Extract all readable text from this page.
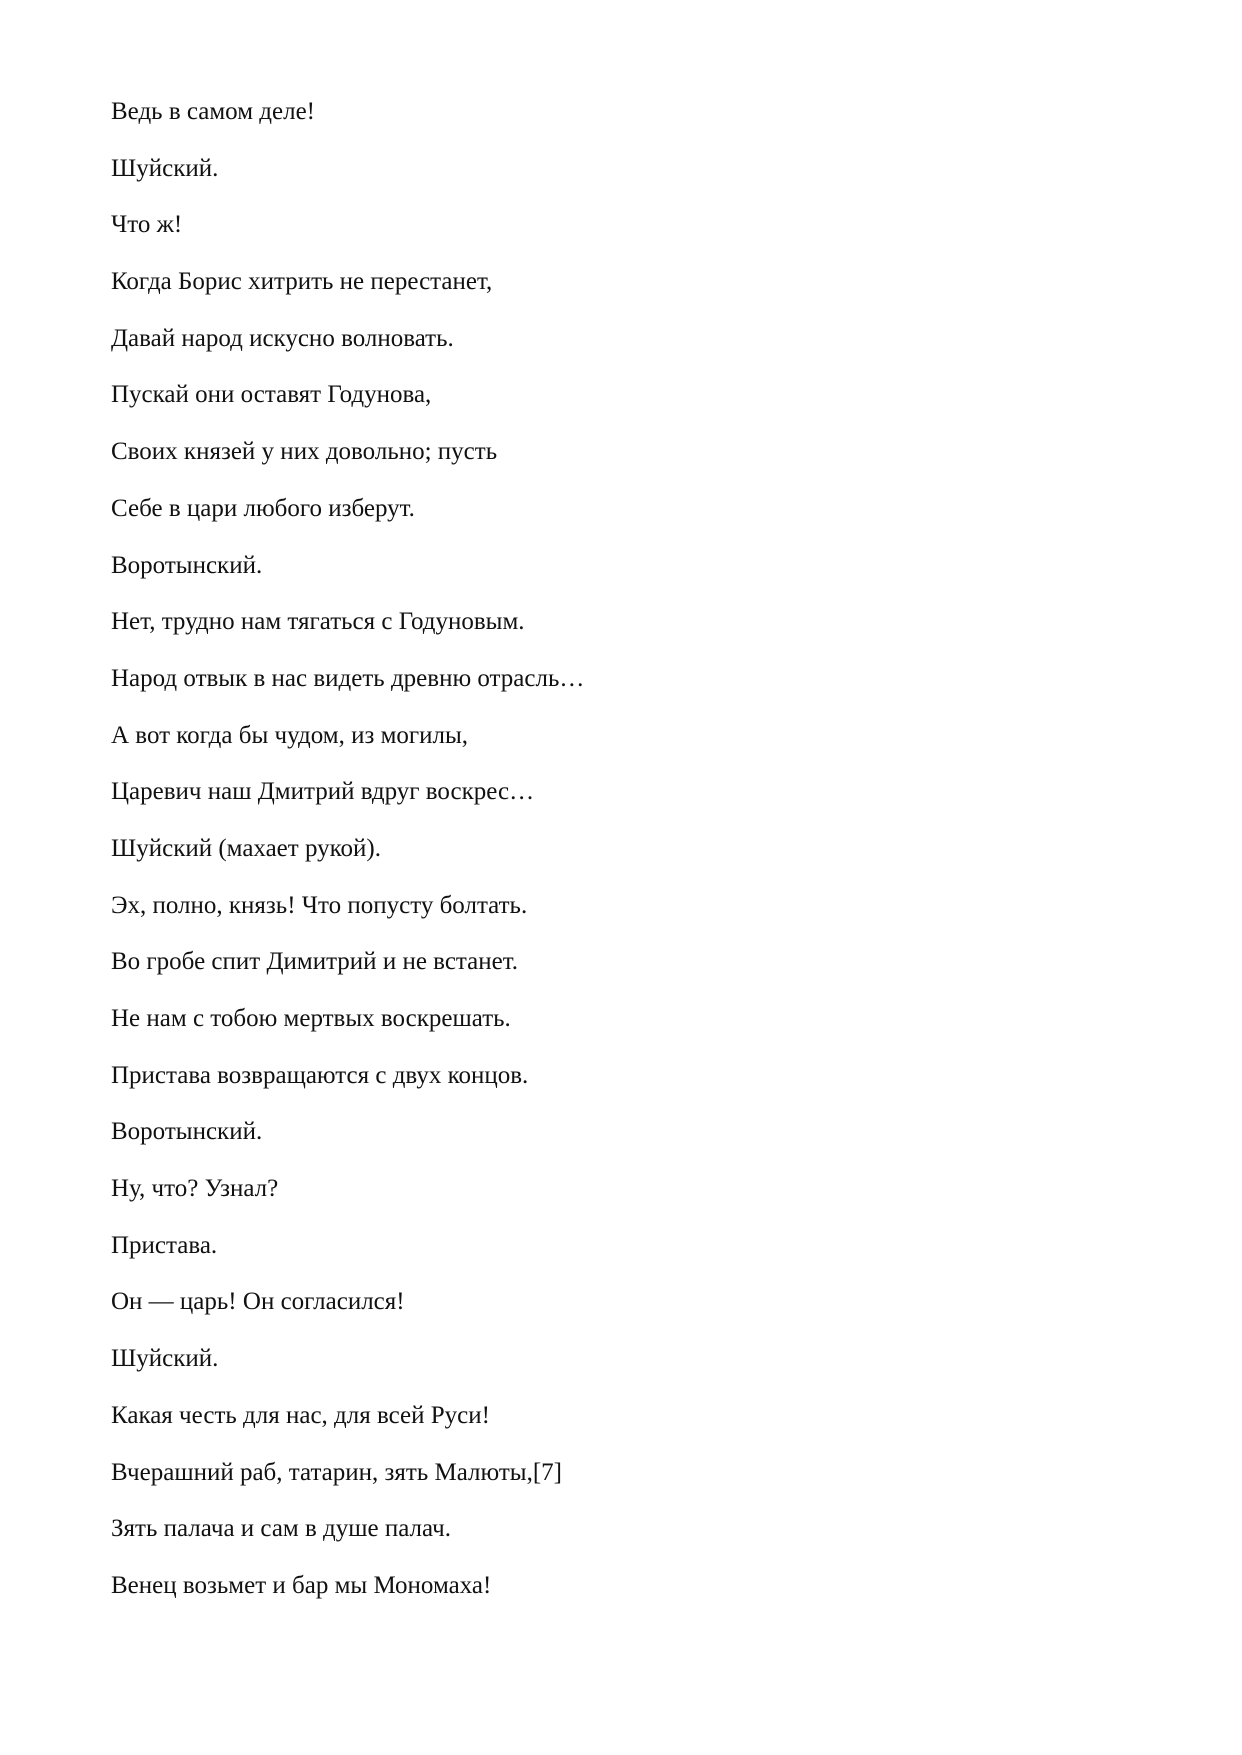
Ведь в самом деле!
Шуйский.
Что ж!
Когда Борис хитрить не перестанет,
Давай народ искусно волновать.
Пускай они оставят Годунова,
Своих князей у них довольно; пусть
Себе в цари любого изберут.
Воротынский.
Нет, трудно нам тягаться с Годуновым.
Народ отвык в нас видеть древню отрасль…
А вот когда бы чудом, из могилы,
Царевич наш Дмитрий вдруг воскрес…
Шуйский (махает рукой).
Эх, полно, князь! Что попусту болтать.
Во гробе спит Димитрий и не встанет.
Не нам с тобою мертвых воскрешать.
Пристава возвращаются с двух концов.
Воротынский.
Ну, что? Узнал?
Пристава.
Он — царь! Он согласился!
Шуйский.
Какая честь для нас, для всей Руси!
Вчерашний раб, татарин, зять Малюты,[7]
Зять палача и сам в душе палач.
Венец возьмет и бар мы Мономаха!
